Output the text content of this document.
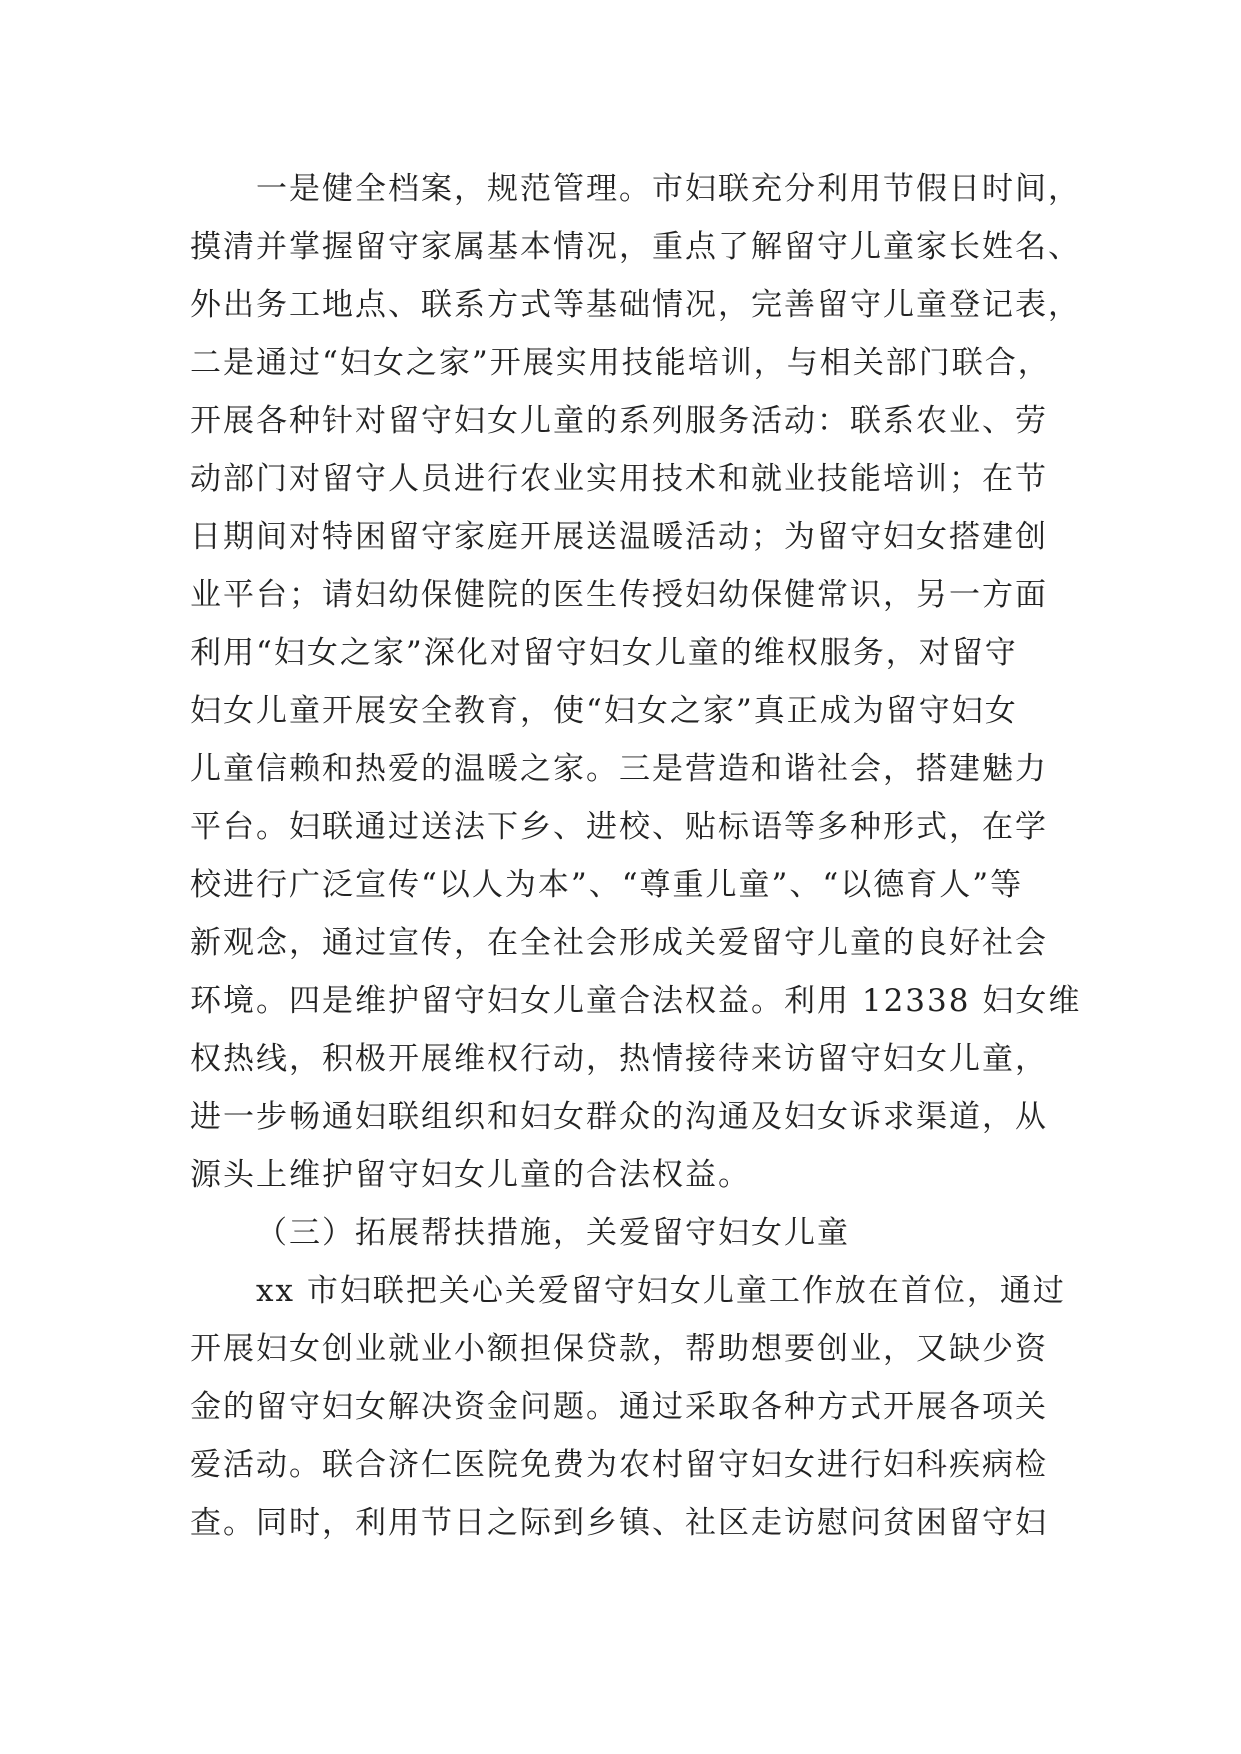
一是健全档案，规范管理。市妇联充分利用节假日时间，
摸清并掌握留守家属基本情况，重点了解留守儿童家长姓名、
外出务工地点、联系方式等基础情况，完善留守儿童登记表，
二是通过“妇女之家”开展实用技能培训，与相关部门联合，
开展各种针对留守妇女儿童的系列服务活动：联系农业、劳
动部门对留守人员进行农业实用技术和就业技能培训；在节
日期间对特困留守家庭开展送温暖活动；为留守妇女搭建创
业平台；请妇幼保健院的医生传授妇幼保健常识，另一方面
利用“妇女之家”深化对留守妇女儿童的维权服务，对留守
妇女儿童开展安全教育，使“妇女之家”真正成为留守妇女
儿童信赖和热爱的温暖之家。三是营造和谐社会，搭建魅力
平台。妇联通过送法下乡、进校、贴标语等多种形式，在学
校进行广泛宣传“以人为本”、“尊重儿童”、“以德育人”等
新观念，通过宣传，在全社会形成关爱留守儿童的良好社会
环境。四是维护留守妇女儿童合法权益。利用 12338 妇女维
权热线，积极开展维权行动，热情接待来访留守妇女儿童，
进一步畅通妇联组织和妇女群众的沟通及妇女诉求渠道，从
源头上维护留守妇女儿童的合法权益。
（三）拓展帮扶措施，关爱留守妇女儿童
xx 市妇联把关心关爱留守妇女儿童工作放在首位，通过
开展妇女创业就业小额担保贷款，帮助想要创业，又缺少资
金的留守妇女解决资金问题。通过采取各种方式开展各项关
爱活动。联合济仁医院免费为农村留守妇女进行妇科疾病检
查。同时，利用节日之际到乡镇、社区走访慰问贫困留守妇
